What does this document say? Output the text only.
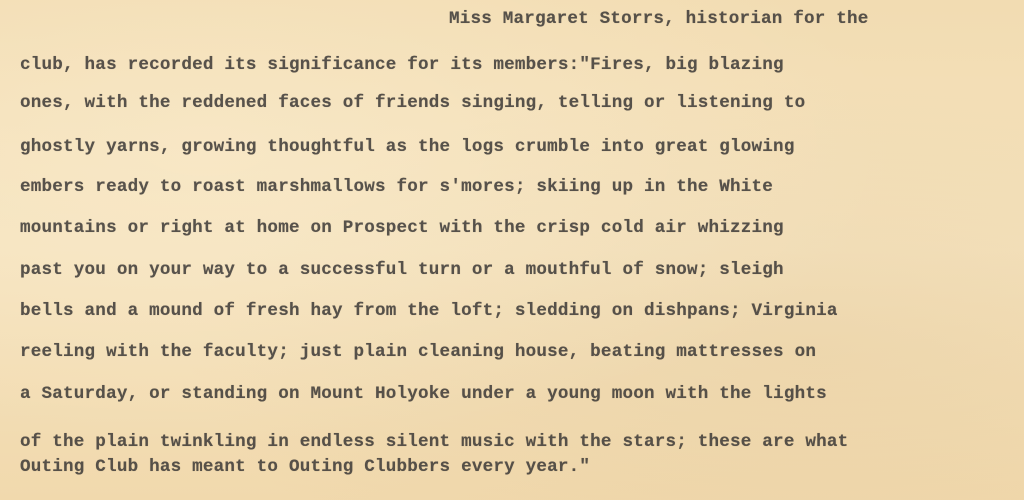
Miss Margaret Storrs, historian for the
club, has recorded its significance for its members:"Fires, big blazing
ones, with the reddened faces of friends singing, telling or listening to
ghostly yarns, growing thoughtful as the logs crumble into great glowing
embers ready to roast marshmallows for s'mores; skiing up in the White
mountains or right at home on Prospect with the crisp cold air whizzing
past you on your way to a successful turn or a mouthful of snow; sleigh
bells and a mound of fresh hay from the loft; sledding on dishpans; Virginia
reeling with the faculty; just plain cleaning house, beating mattresses on
a Saturday, or standing on Mount Holyoke under a young moon with the lights
of the plain twinkling in endless silent music with the stars; these are what
Outing Club has meant to Outing Clubbers every year."
